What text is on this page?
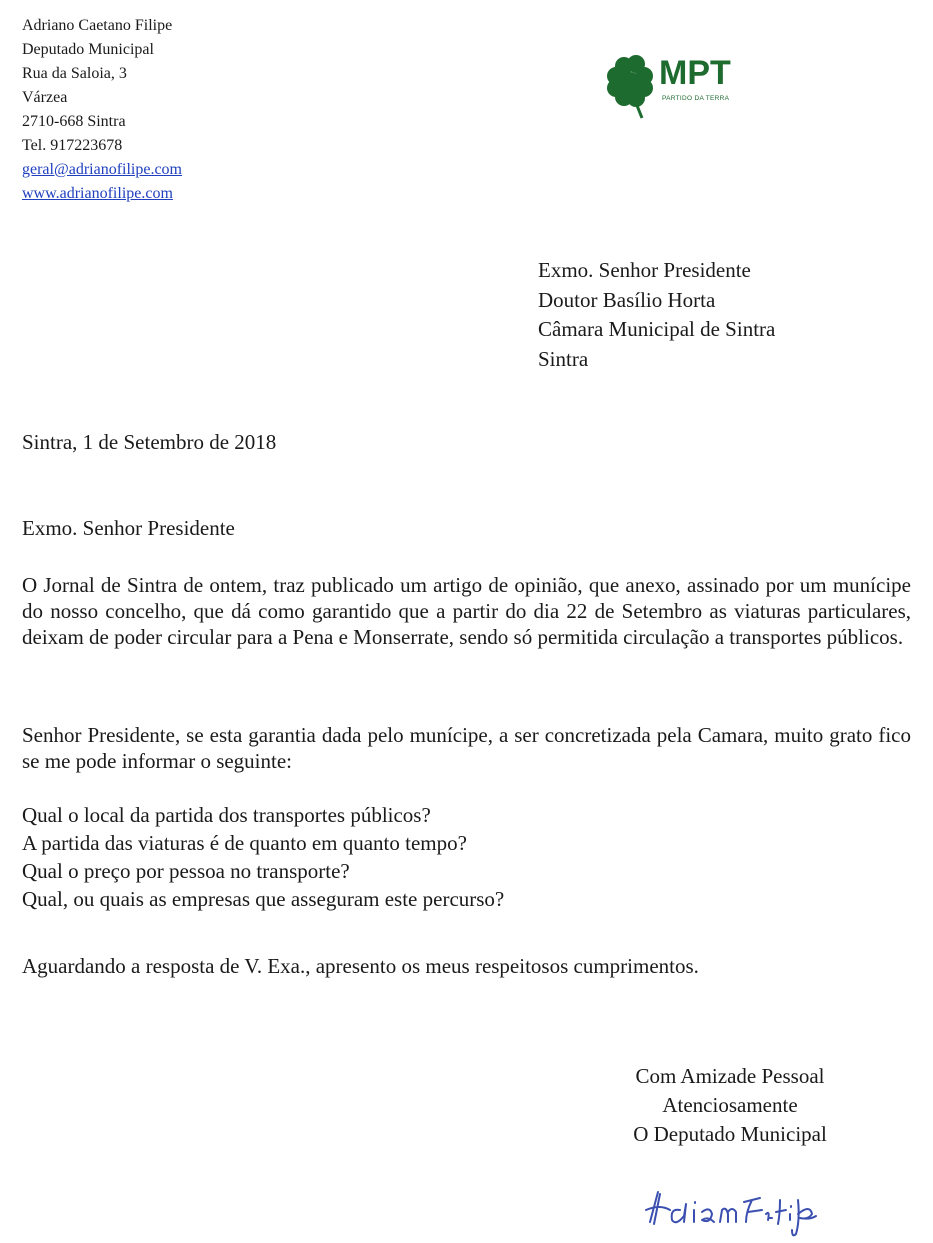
Adriano Caetano Filipe
Deputado Municipal
Rua da Saloia, 3
Várzea
2710-668 Sintra
Tel. 917223678
geral@adrianofilipe.com
www.adrianofilipe.com
MPT
PARTIDO DA TERRA
Exmo. Senhor Presidente
Doutor Basílio Horta
Câmara Municipal de Sintra
Sintra
Sintra, 1 de Setembro de 2018
Exmo. Senhor Presidente
O Jornal de Sintra de ontem, traz publicado um artigo de opinião, que anexo, assinado por um munícipe do nosso concelho, que dá como garantido que a partir do dia 22 de Setembro as viaturas particulares, deixam de poder circular para a Pena e Monserrate, sendo só permitida circulação a transportes públicos.
Senhor Presidente, se esta garantia dada pelo munícipe, a ser concretizada pela Camara, muito grato fico se me pode informar o seguinte:
Qual o local da partida dos transportes públicos?
A partida das viaturas é de quanto em quanto tempo?
Qual o preço por pessoa no transporte?
Qual, ou quais as empresas que asseguram este percurso?
Aguardando a resposta de V. Exa., apresento os meus respeitosos cumprimentos.
Com Amizade Pessoal
Atenciosamente
O Deputado Municipal
